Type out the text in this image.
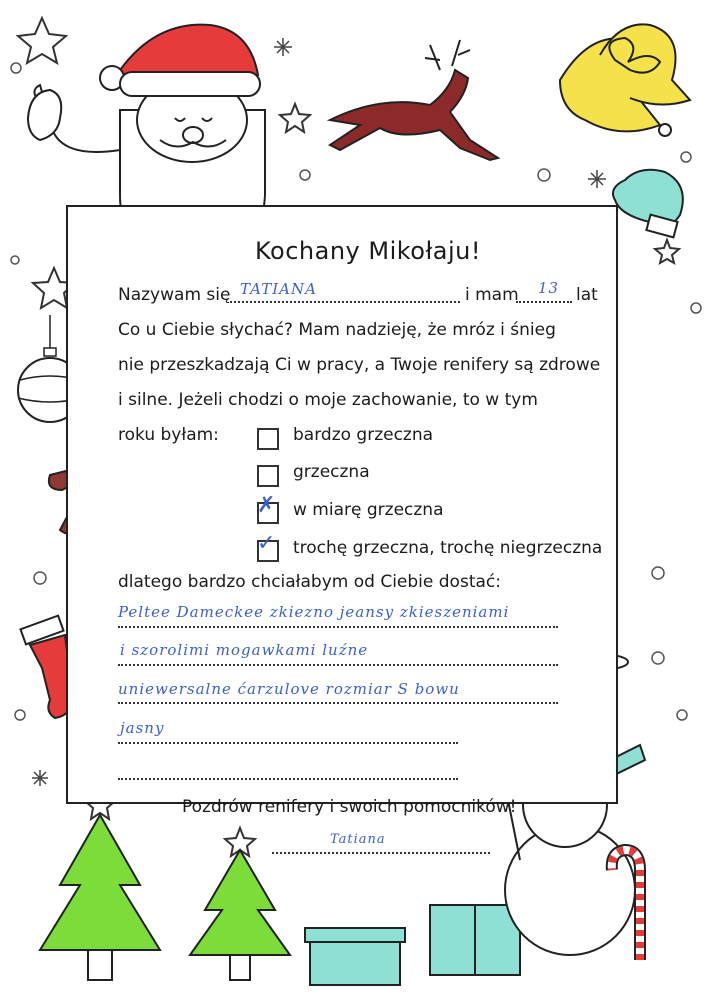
Kochany Mikołaju!
Nazywam się TATIANA	i mam 13 lat
Co u Ciebie słychać? Mam nadzieję, że mróz i śnieg
nie przeszkadzają Ci w pracy, a Twoje renifery są zdrowe
i silne. Jeżeli chodzi o moje zachowanie, to w tym
roku byłam:	bardzo grzeczna
grzeczna
✗ w miarę grzeczna
✓ trochę grzeczna, trochę niegrzeczna
dlatego bardzo chciałabym od Ciebie dostać:
Peltee Dameckee zkiezno jeansy zkieszeniami
i szorolimi mogawkami luźne
uniewersalne ćarzulove rozmiar S bowu
jasny
Pozdrów renifery i swoich pomocników!
Tatiana
